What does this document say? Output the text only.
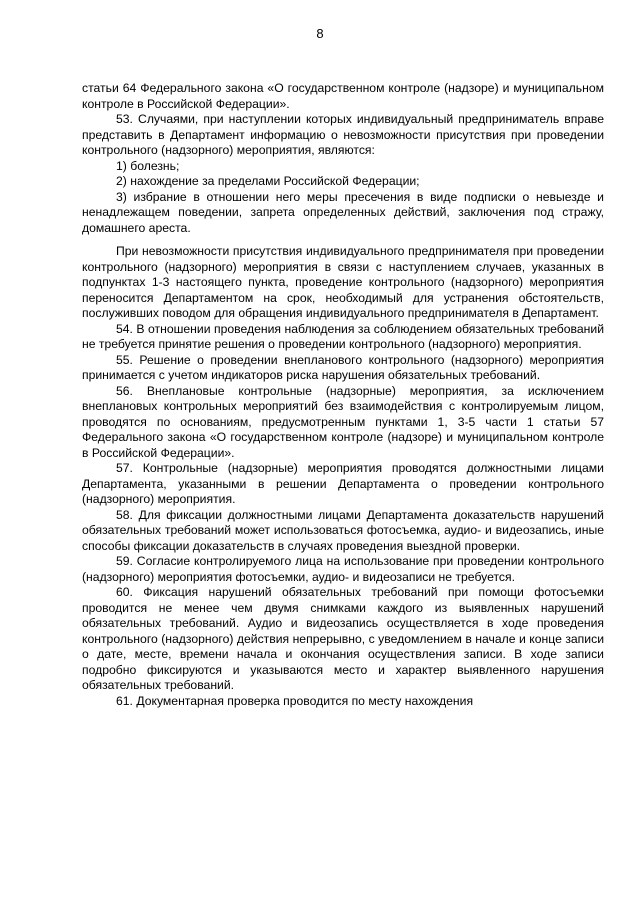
8

статьи 64 Федерального закона «О государственном контроле (надзоре) и муниципальном контроле в Российской Федерации».

53. Случаями, при наступлении которых индивидуальный предприниматель вправе представить в Департамент информацию о невозможности присутствия при проведении контрольного (надзорного) мероприятия, являются:

1) болезнь;

2) нахождение за пределами Российской Федерации;

3) избрание в отношении него меры пресечения в виде подписки о невыезде и ненадлежащем поведении, запрета определенных действий, заключения под стражу, домашнего ареста.

При невозможности присутствия индивидуального предпринимателя при проведении контрольного (надзорного) мероприятия в связи с наступлением случаев, указанных в подпунктах 1-3 настоящего пункта, проведение контрольного (надзорного) мероприятия переносится Департаментом на срок, необходимый для устранения обстоятельств, послуживших поводом для обращения индивидуального предпринимателя в Департамент.

54. В отношении проведения наблюдения за соблюдением обязательных требований не требуется принятие решения о проведении контрольного (надзорного) мероприятия.

55. Решение о проведении внепланового контрольного (надзорного) мероприятия принимается с учетом индикаторов риска нарушения обязательных требований.

56. Внеплановые контрольные (надзорные) мероприятия, за исключением внеплановых контрольных мероприятий без взаимодействия с контролируемым лицом, проводятся по основаниям, предусмотренным пунктами 1, 3-5 части 1 статьи 57 Федерального закона «О государственном контроле (надзоре) и муниципальном контроле в Российской Федерации».

57. Контрольные (надзорные) мероприятия проводятся должностными лицами Департамента, указанными в решении Департамента о проведении контрольного (надзорного) мероприятия.

58. Для фиксации должностными лицами Департамента доказательств нарушений обязательных требований может использоваться фотосъемка, аудио- и видеозапись, иные способы фиксации доказательств в случаях проведения выездной проверки.

59. Согласие контролируемого лица на использование при проведении контрольного (надзорного) мероприятия фотосъемки, аудио- и видеозаписи не требуется.

60. Фиксация нарушений обязательных требований при помощи фотосъемки проводится не менее чем двумя снимками каждого из выявленных нарушений обязательных требований. Аудио и видеозапись осуществляется в ходе проведения контрольного (надзорного) действия непрерывно, с уведомлением в начале и конце записи о дате, месте, времени начала и окончания осуществления записи. В ходе записи подробно фиксируются и указываются место и характер выявленного нарушения обязательных требований.

61. Документарная проверка проводится по месту нахождения
